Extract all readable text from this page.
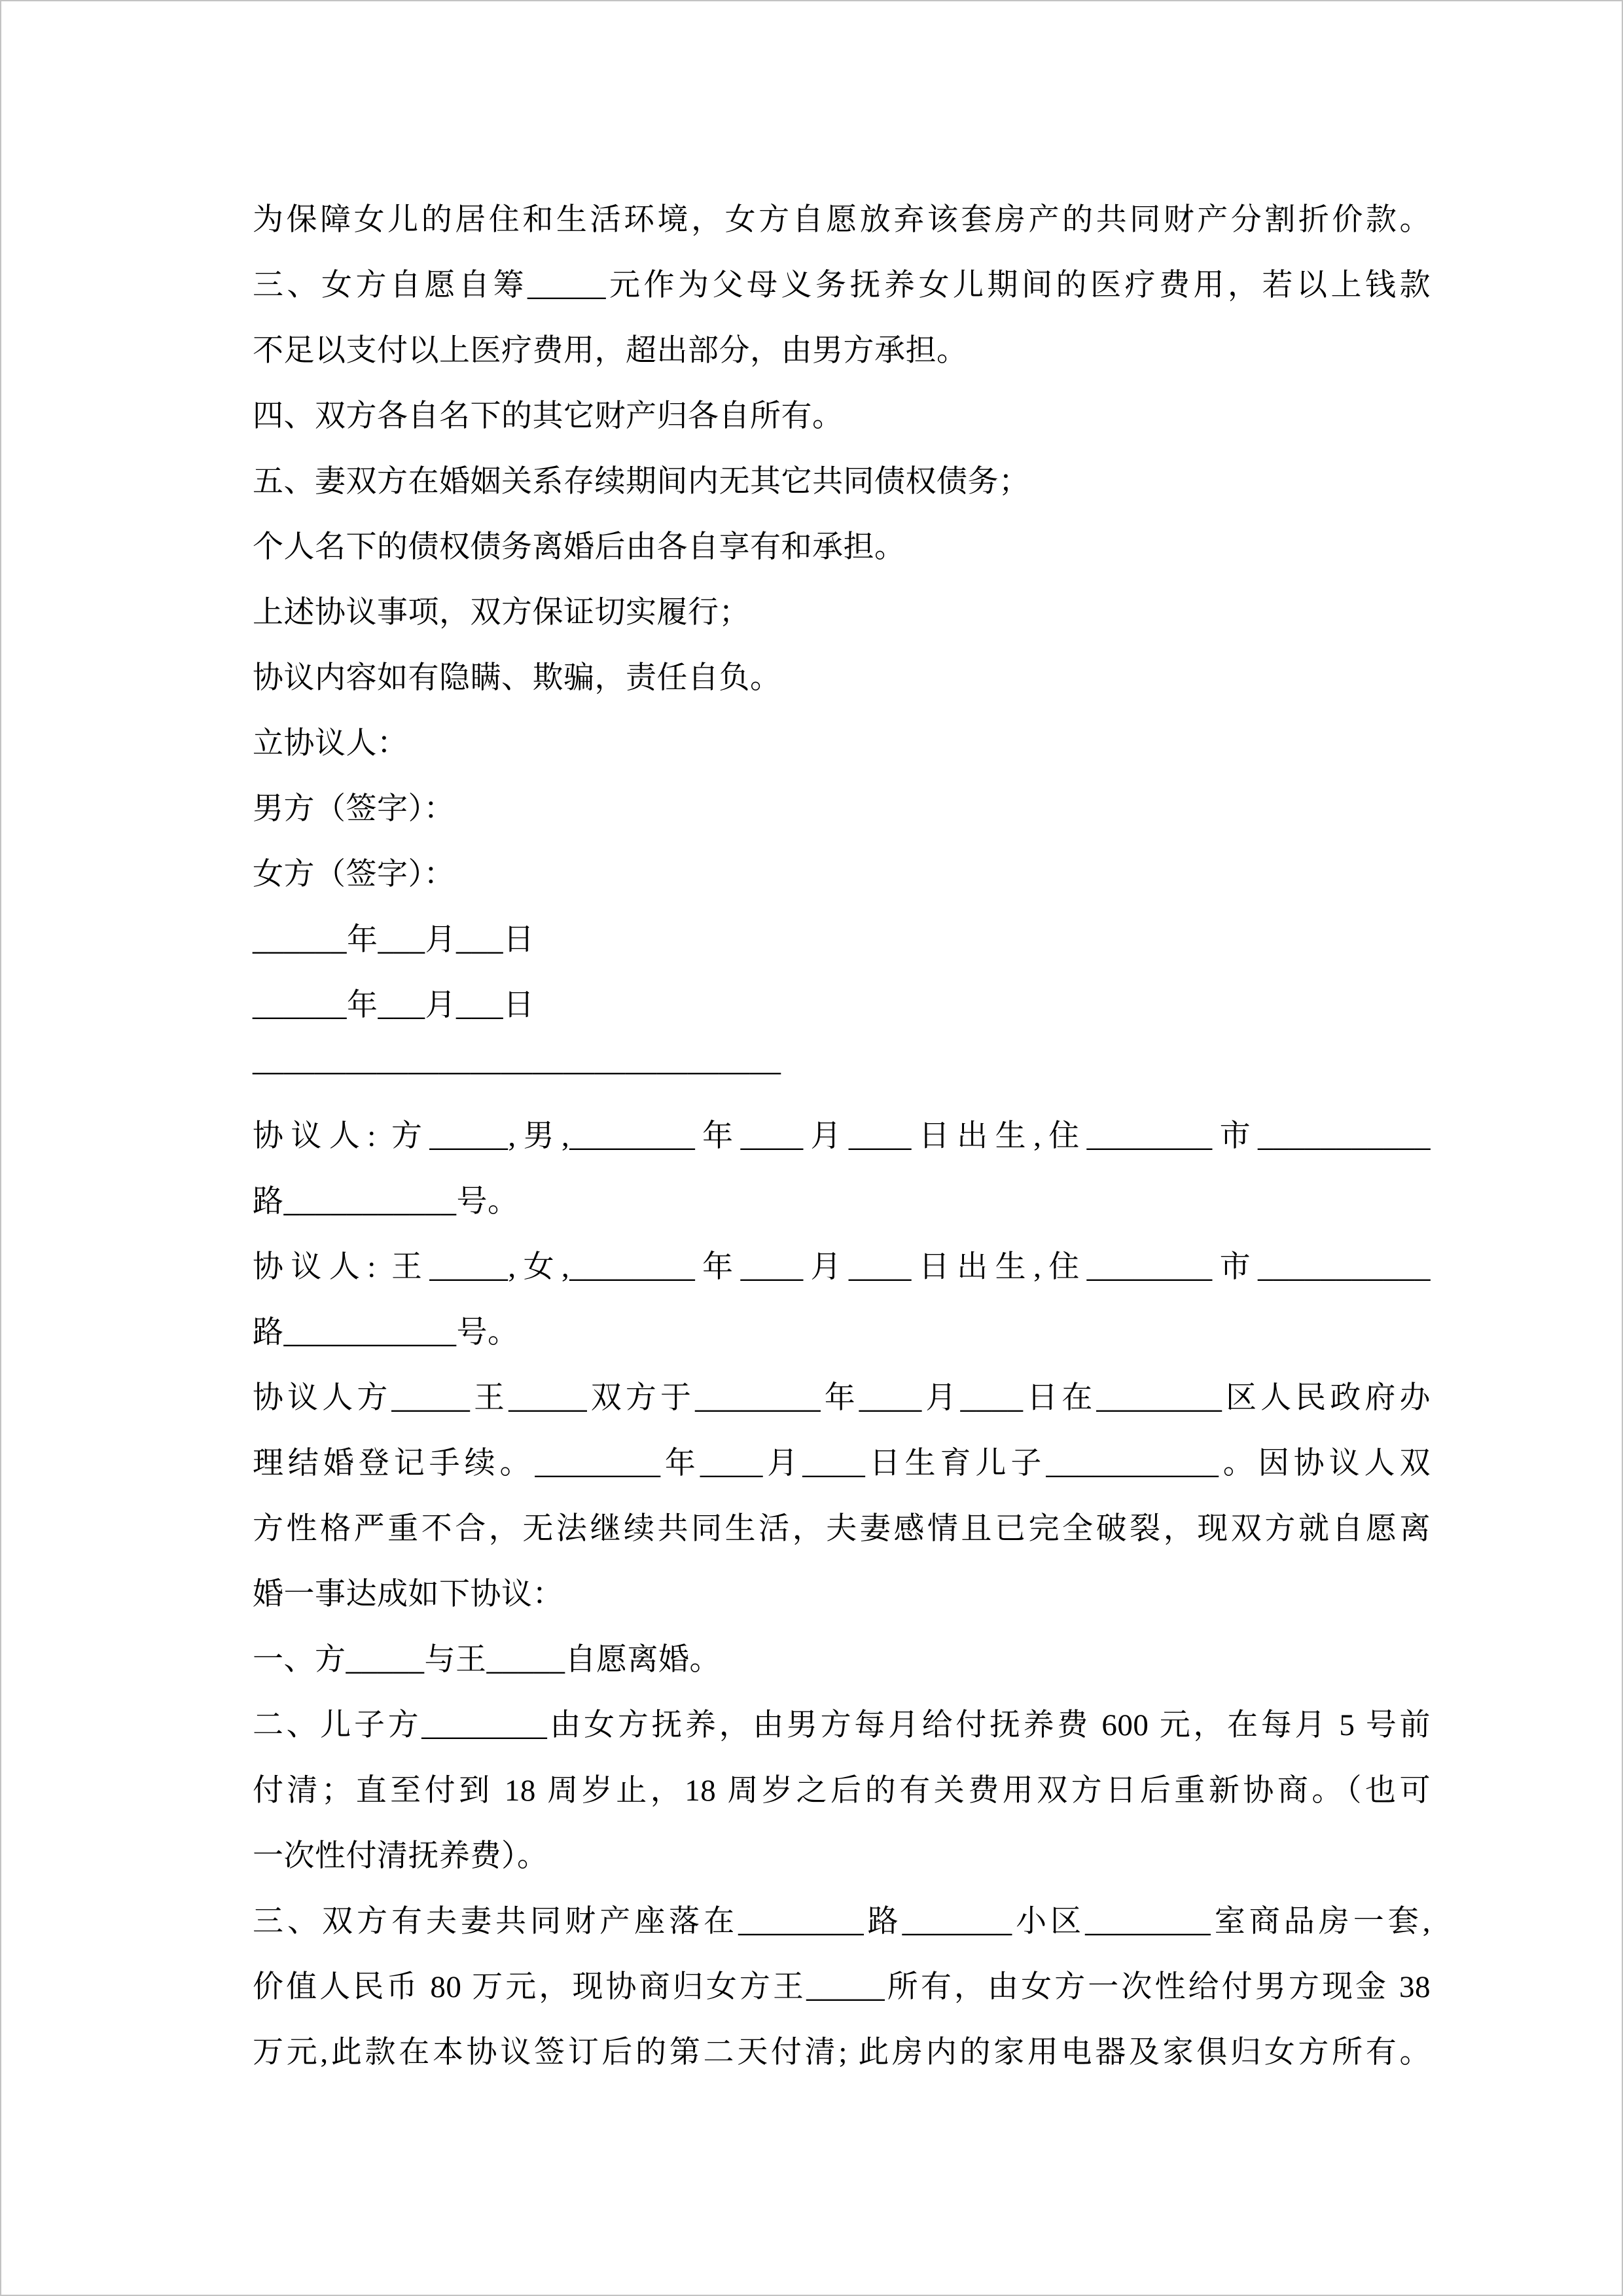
为保障女儿的居住和生活环境，女方自愿放弃该套房产的共同财产分割折价款。
三、女方自愿自筹_____元作为父母义务抚养女儿期间的医疗费用，若以上钱款
不足以支付以上医疗费用，超出部分，由男方承担。
四、双方各自名下的其它财产归各自所有。
五、妻双方在婚姻关系存续期间内无其它共同债权债务；
个人名下的债权债务离婚后由各自享有和承担。
上述协议事项，双方保证切实履行；
协议内容如有隐瞒、欺骗，责任自负。
立协议人：
男方（签字）：
女方（签字）：
______年___月___日
______年___月___日
—————————————————
协议人: 方_____,男,________年____月____日出生,住________市___________
路___________号。
协议人: 王_____,女,________年____月____日出生,住________市___________
路___________号。
协议人方_____王_____双方于________年____月____日在________区人民政府办
理结婚登记手续。________年____月____日生育儿子___________。因协议人双
方性格严重不合，无法继续共同生活，夫妻感情且已完全破裂，现双方就自愿离
婚一事达成如下协议：
一、方_____与王_____自愿离婚。
二、儿子方________由女方抚养，由男方每月给付抚养费 600 元，在每月 5 号前
付清；直至付到 18 周岁止，18 周岁之后的有关费用双方日后重新协商。（也可
一次性付清抚养费）。
三、双方有夫妻共同财产座落在________路_______小区________室商品房一套,
价值人民币 80 万元，现协商归女方王_____所有，由女方一次性给付男方现金 38
万元,此款在本协议签订后的第二天付清; 此房内的家用电器及家俱归女方所有。
